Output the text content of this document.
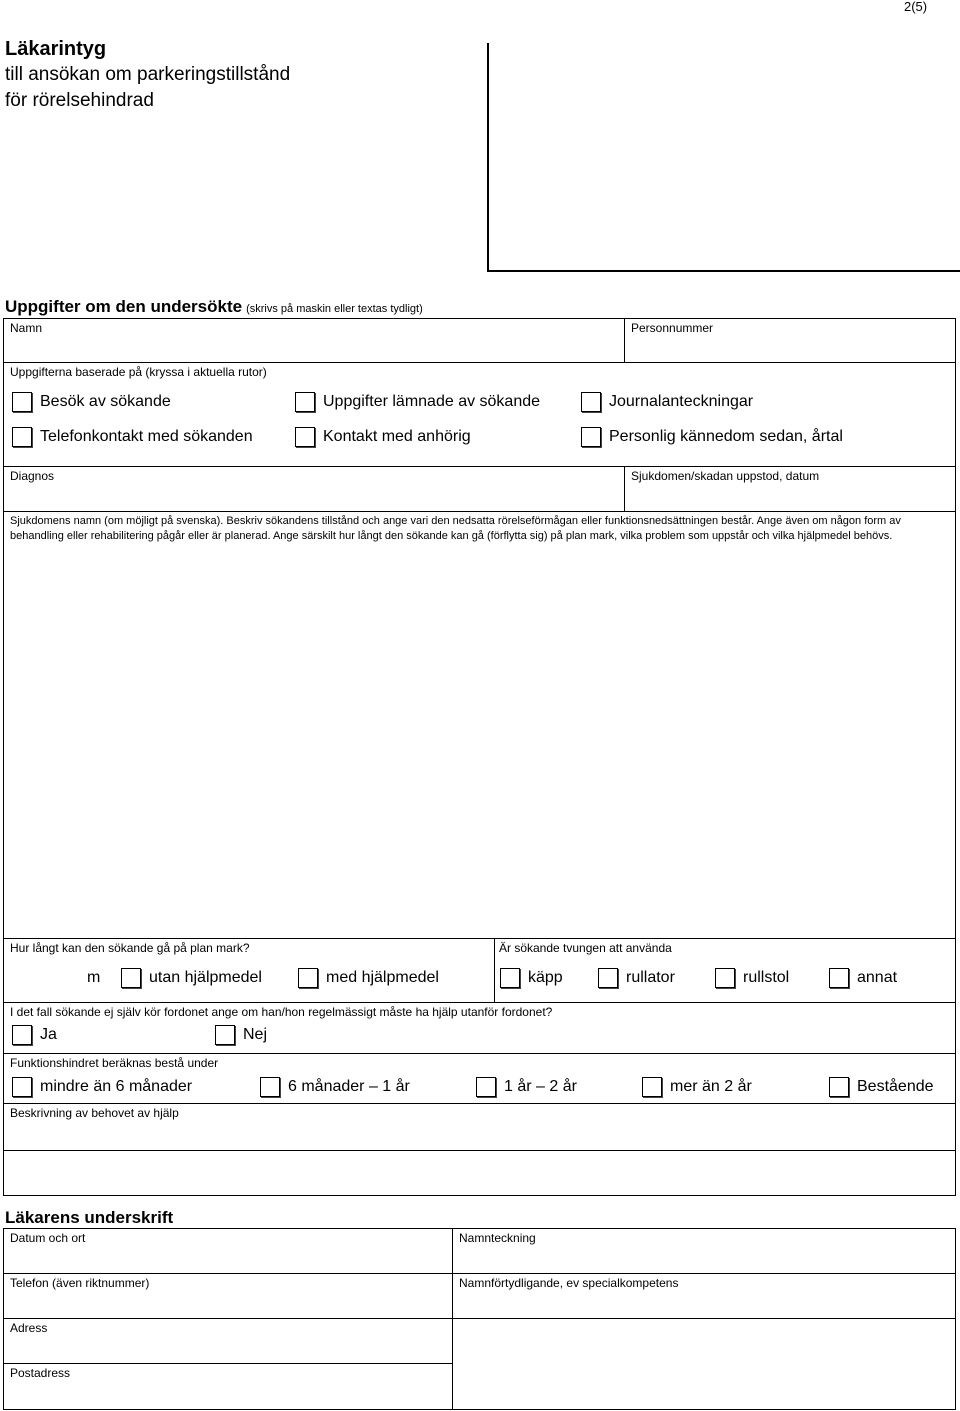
2(5)
Läkarintyg
till ansökan om parkeringstillstånd
för rörelsehindrad
Uppgifter om den undersökte (skrivs på maskin eller textas tydligt)
Namn	Personnummer
Uppgifterna baserade på (kryssa i aktuella rutor)
Besök av sökande	Uppgifter lämnade av sökande	Journalanteckningar
Telefonkontakt med sökanden	Kontakt med anhörig	Personlig kännedom sedan, årtal
Diagnos	Sjukdomen/skadan uppstod, datum
Sjukdomens namn (om möjligt på svenska). Beskriv sökandens tillstånd och ange vari den nedsatta rörelseförmågan eller funktionsnedsättningen består. Ange även om någon form av behandling eller rehabilitering pågår eller är planerad. Ange särskilt hur långt den sökande kan gå (förflytta sig) på plan mark, vilka problem som uppstår och vilka hjälpmedel behövs.
Hur långt kan den sökande gå på plan mark?
m	utan hjälpmedel	med hjälpmedel
Är sökande tvungen att använda
käpp	rullator	rullstol	annat
I det fall sökande ej själv kör fordonet ange om han/hon regelmässigt måste ha hjälp utanför fordonet?
Ja	Nej
Funktionshindret beräknas bestå under
mindre än 6 månader	6 månader – 1 år	1 år – 2 år	mer än 2 år	Bestående
Beskrivning av behovet av hjälp
Läkarens underskrift
Datum och ort	Namnteckning
Telefon (även riktnummer)	Namnförtydligande, ev specialkompetens
Adress
Postadress
